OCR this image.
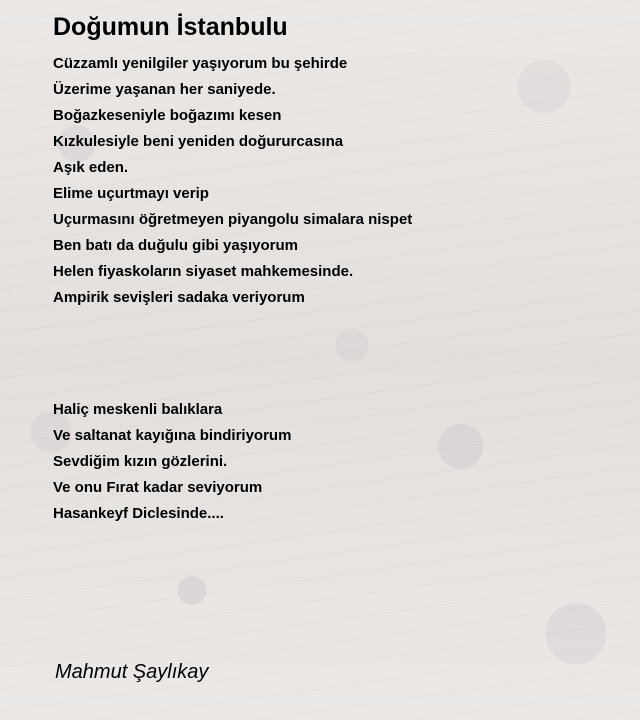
Doğumun İstanbulu
Cüzzamlı yenilgiler yaşıyorum bu şehirde
Üzerime yaşanan her saniyede.
Boğazkeseniyle boğazımı kesen
Kızkulesiyle beni yeniden doğururcasına
Aşık eden.
Elime uçurtmayı verip
Uçurmasını öğretmeyen piyangolu simalara nispet
Ben batı da duğulu gibi yaşıyorum
Helen fiyaskoların siyaset mahkemesinde.
Ampirik sevişleri sadaka veriyorum
Haliç meskenli balıklara
Ve saltanat kayığına bindiriyorum
Sevdiğim kızın gözlerini.
Ve onu Fırat kadar seviyorum
Hasankeyf Diclesinde....
Mahmut Şaylıkay
